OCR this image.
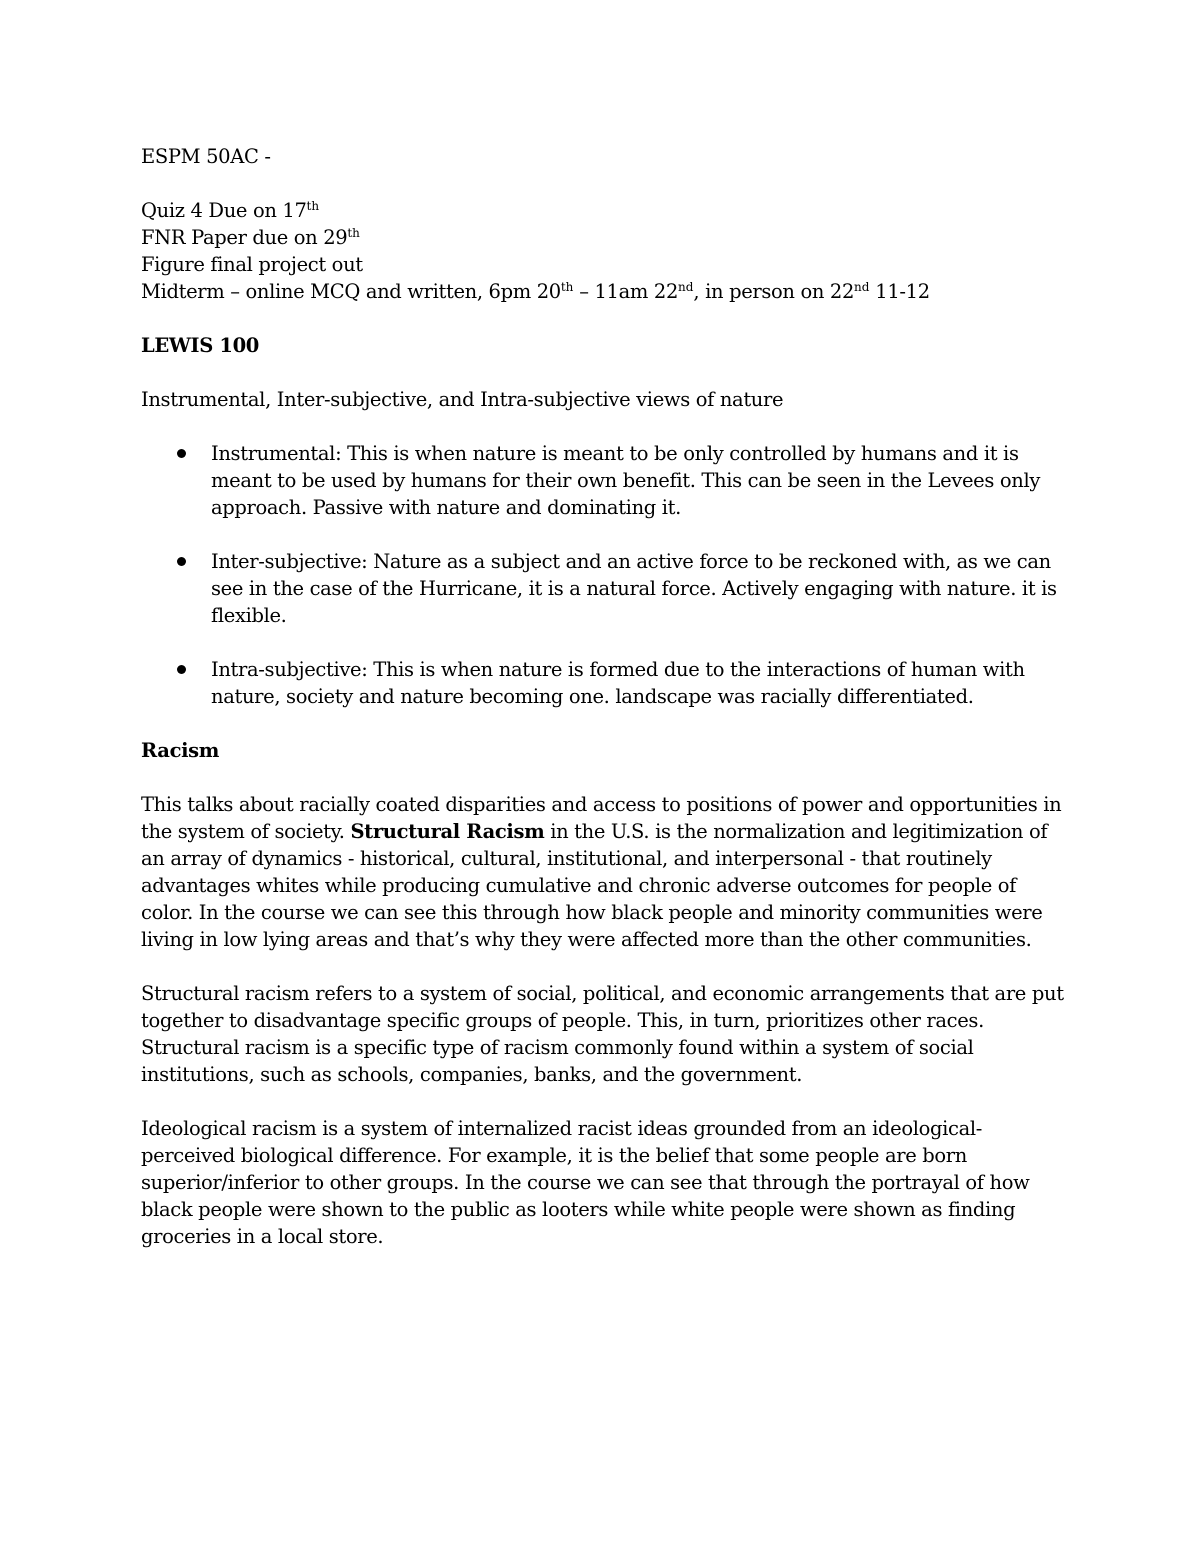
ESPM 50AC -

Quiz 4 Due on 17th
FNR Paper due on 29th
Figure final project out
Midterm – online MCQ and written, 6pm 20th – 11am 22nd, in person on 22nd 11-12

LEWIS 100

Instrumental, Inter-subjective, and Intra-subjective views of nature

Instrumental: This is when nature is meant to be only controlled by humans and it is
meant to be used by humans for their own benefit. This can be seen in the Levees only
approach. Passive with nature and dominating it.
Inter-subjective: Nature as a subject and an active force to be reckoned with, as we can
see in the case of the Hurricane, it is a natural force. Actively engaging with nature. it is
flexible.
Intra-subjective: This is when nature is formed due to the interactions of human with
nature, society and nature becoming one. landscape was racially differentiated.

Racism

This talks about racially coated disparities and access to positions of power and opportunities in
the system of society. Structural Racism in the U.S. is the normalization and legitimization of
an array of dynamics - historical, cultural, institutional, and interpersonal - that routinely
advantages whites while producing cumulative and chronic adverse outcomes for people of
color. In the course we can see this through how black people and minority communities were
living in low lying areas and that’s why they were affected more than the other communities.

Structural racism refers to a system of social, political, and economic arrangements that are put
together to disadvantage specific groups of people. This, in turn, prioritizes other races.
Structural racism is a specific type of racism commonly found within a system of social
institutions, such as schools, companies, banks, and the government.

Ideological racism is a system of internalized racist ideas grounded from an ideological-
perceived biological difference. For example, it is the belief that some people are born
superior/inferior to other groups. In the course we can see that through the portrayal of how
black people were shown to the public as looters while white people were shown as finding
groceries in a local store.
